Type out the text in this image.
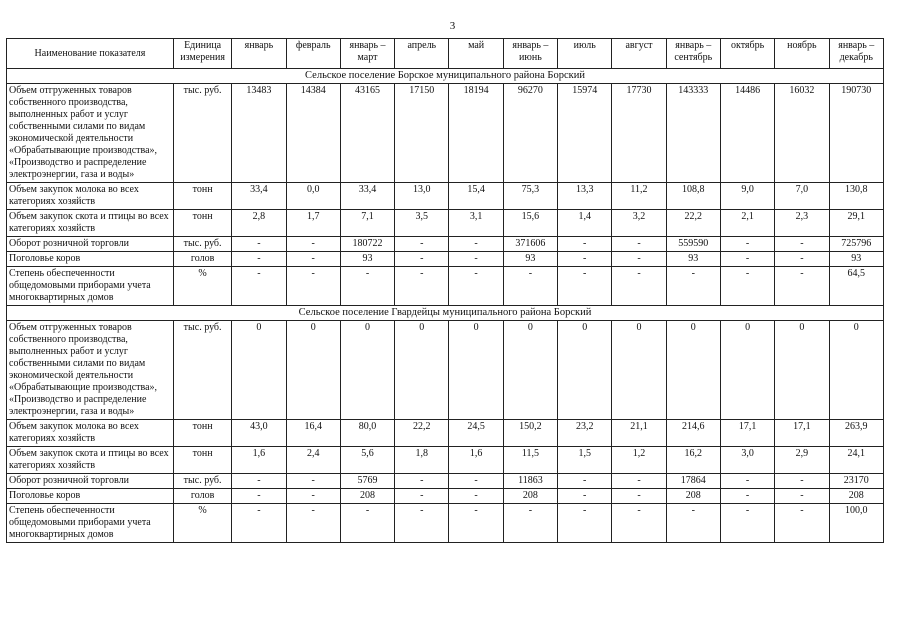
3
Наименование показателя	Единица измерения	январь	февраль	январь – март	апрель	май	январь – июнь	июль	август	январь – сентябрь	октябрь	ноябрь	январь – декабрь
Сельское поселение Борское муниципального района Борский													
Объем отгруженных товаров собственного производства, выполненных работ и услуг собственными силами по видам экономической деятельности «Обрабатывающие производства», «Производство и распределение электроэнергии, газа и воды»	тыс. руб.	13483	14384	43165	17150	18194	96270	15974	17730	143333	14486	16032	190730
Объем закупок молока во всех категориях хозяйств	тонн	33,4	0,0	33,4	13,0	15,4	75,3	13,3	11,2	108,8	9,0	7,0	130,8
Объем закупок скота и птицы во всех категориях хозяйств	тонн	2,8	1,7	7,1	3,5	3,1	15,6	1,4	3,2	22,2	2,1	2,3	29,1
Оборот розничной торговли	тыс. руб.	-	-	180722	-	-	371606	-	-	559590	-	-	725796
Поголовье коров	голов	-	-	93	-	-	93	-	-	93	-	-	93
Степень обеспеченности общедомовыми приборами учета многоквартирных домов	%	-	-	-	-	-	-	-	-	-	-	-	64,5
Сельское поселение Гвардейцы муниципального района Борский													
Объем отгруженных товаров собственного производства, выполненных работ и услуг собственными силами по видам экономической деятельности «Обрабатывающие производства», «Производство и распределение электроэнергии, газа и воды»	тыс. руб.	0	0	0	0	0	0	0	0	0	0	0	0
Объем закупок молока во всех категориях хозяйств	тонн	43,0	16,4	80,0	22,2	24,5	150,2	23,2	21,1	214,6	17,1	17,1	263,9
Объем закупок скота и птицы во всех категориях хозяйств	тонн	1,6	2,4	5,6	1,8	1,6	11,5	1,5	1,2	16,2	3,0	2,9	24,1
Оборот розничной торговли	тыс. руб.	-	-	5769	-	-	11863	-	-	17864	-	-	23170
Поголовье коров	голов	-	-	208	-	-	208	-	-	208	-	-	208
Степень обеспеченности общедомовыми приборами учета многоквартирных домов	%	-	-	-	-	-	-	-	-	-	-	-	100,0
